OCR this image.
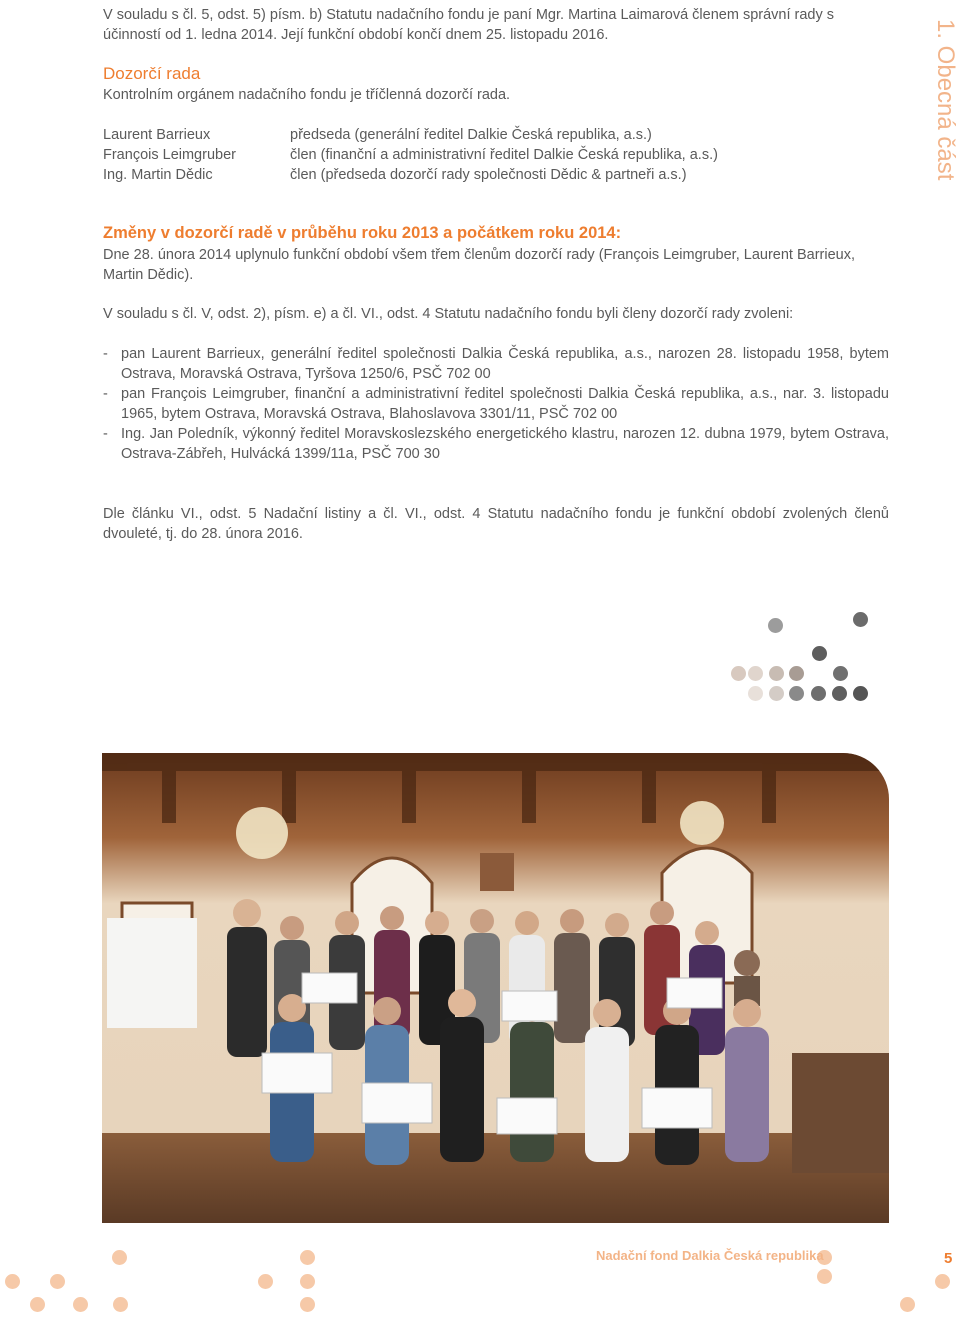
V souladu s čl. 5, odst. 5) písm. b) Statutu nadačního fondu je paní Mgr. Martina Laimarová členem správní rady s účinností od 1. ledna 2014. Její funkční období končí dnem 25. listopadu 2016.

Dozorčí rada

Kontrolním orgánem nadačního fondu je tříčlenná dozorčí rada.

Laurent Barrieux	předseda (generální ředitel Dalkie Česká republika, a.s.)
François Leimgruber	člen (finanční a administrativní ředitel Dalkie Česká republika, a.s.)
Ing. Martin Dědic	člen (předseda dozorčí rady společnosti Dědic & partneři a.s.)	1. Obecná část
Změny v dozorčí radě v průběhu roku 2013 a počátkem roku 2014:

Dne 28. února 2014 uplynulo funkční období všem třem členům dozorčí rady (François Leimgruber, Laurent Barrieux, Martin Dědic).

V souladu s čl. V, odst. 2), písm. e) a čl. VI., odst. 4 Statutu nadačního fondu byli členy dozorčí rady zvoleni:

- pan Laurent Barrieux, generální ředitel společnosti Dalkia Česká republika, a.s., narozen 28. listopadu 1958, bytem Ostrava, Moravská Ostrava, Tyršova 1250/6, PSČ 702 00
- pan François Leimgruber, finanční a administrativní ředitel společnosti Dalkia Česká republika, a.s., nar. 3. listopadu 1965, bytem Ostrava, Moravská Ostrava, Blahoslavova 3301/11, PSČ 702 00
- Ing. Jan Poledník, výkonný ředitel Moravskoslezského energetického klastru, narozen 12. dubna 1979, bytem Ostrava, Ostrava-Zábřeh, Hulvácká 1399/11a, PSČ 700 30

Dle článku VI., odst. 5 Nadační listiny a čl. VI., odst. 4 Statutu nadačního fondu je funkční období zvolených členů dvouleté, tj. do 28. února 2016.

Nadační fond Dalkia Česká republika	5
